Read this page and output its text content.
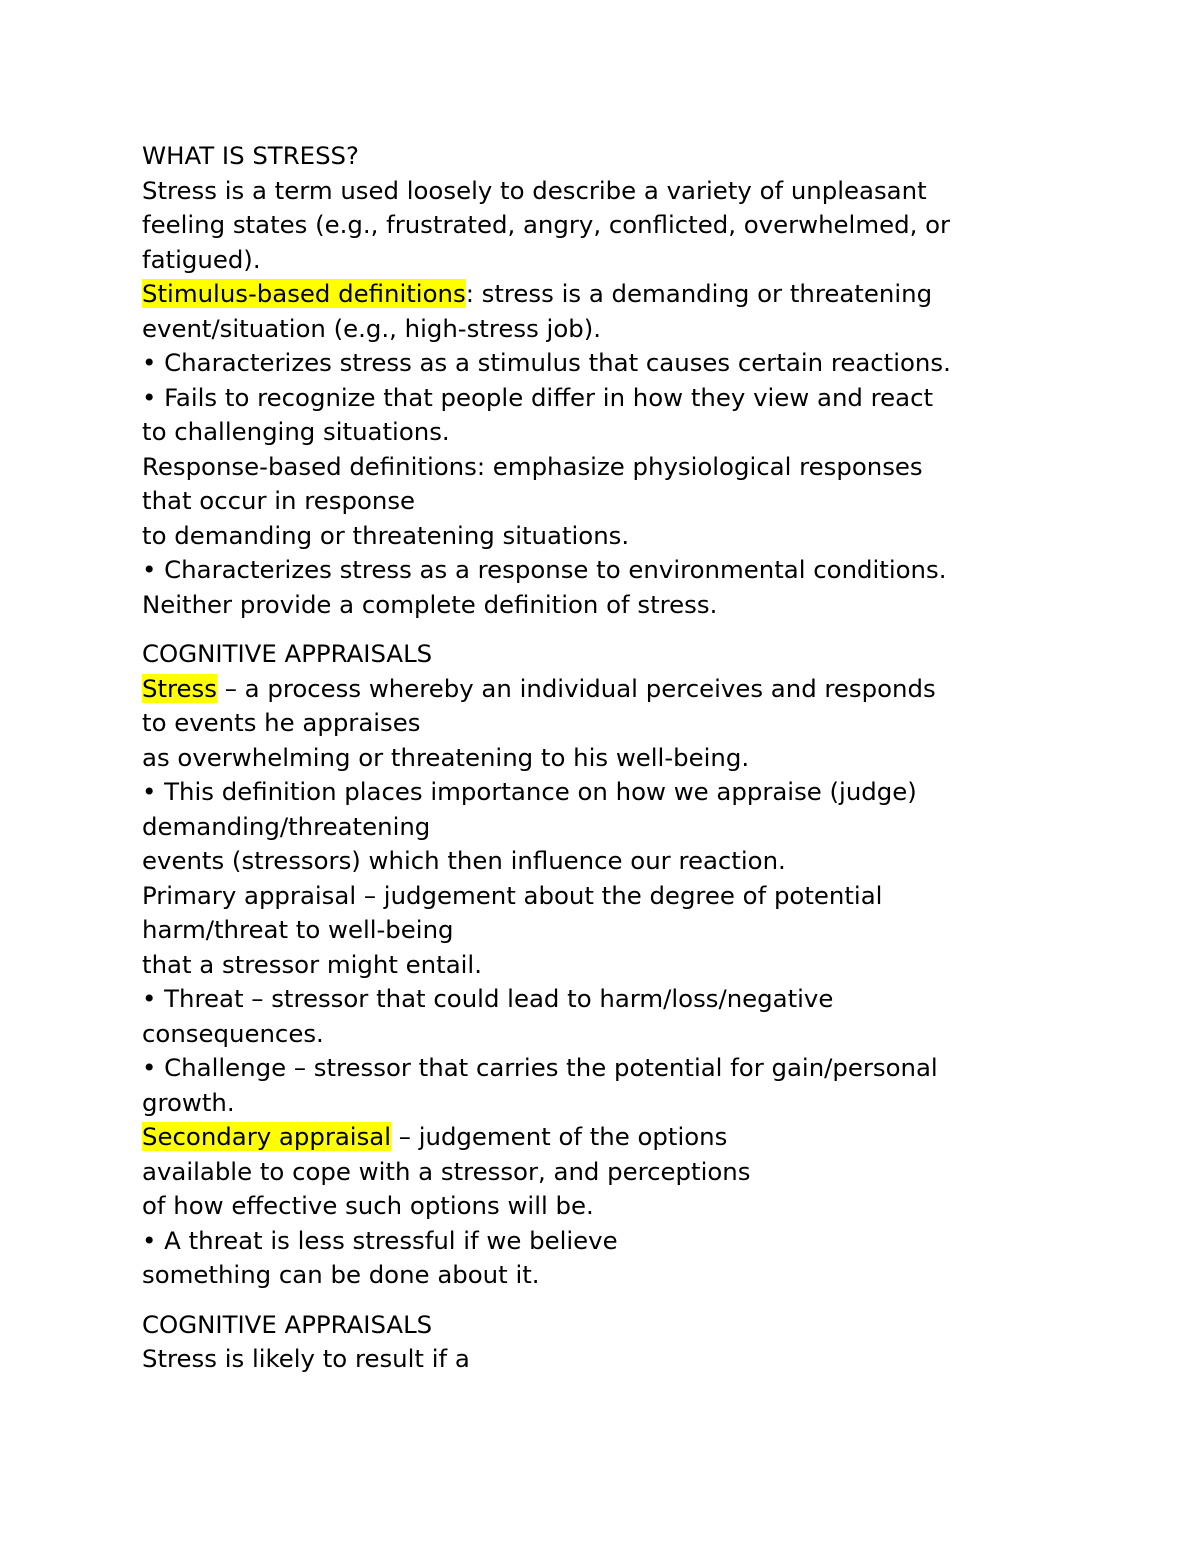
WHAT IS STRESS?
Stress is a term used loosely to describe a variety of unpleasant
feeling states (e.g., frustrated, angry, conflicted, overwhelmed, or
fatigued).
Stimulus-based definitions: stress is a demanding or threatening
event/situation (e.g., high-stress job).
• Characterizes stress as a stimulus that causes certain reactions.
• Fails to recognize that people differ in how they view and react
to challenging situations.
Response-based definitions: emphasize physiological responses
that occur in response
to demanding or threatening situations.
• Characterizes stress as a response to environmental conditions.
Neither provide a complete definition of stress.
COGNITIVE APPRAISALS
Stress – a process whereby an individual perceives and responds
to events he appraises
as overwhelming or threatening to his well-being.
• This definition places importance on how we appraise (judge)
demanding/threatening
events (stressors) which then influence our reaction.
Primary appraisal – judgement about the degree of potential
harm/threat to well-being
that a stressor might entail.
• Threat – stressor that could lead to harm/loss/negative
consequences.
• Challenge – stressor that carries the potential for gain/personal
growth.
Secondary appraisal – judgement of the options
available to cope with a stressor, and perceptions
of how effective such options will be.
• A threat is less stressful if we believe
something can be done about it.
COGNITIVE APPRAISALS
Stress is likely to result if a
